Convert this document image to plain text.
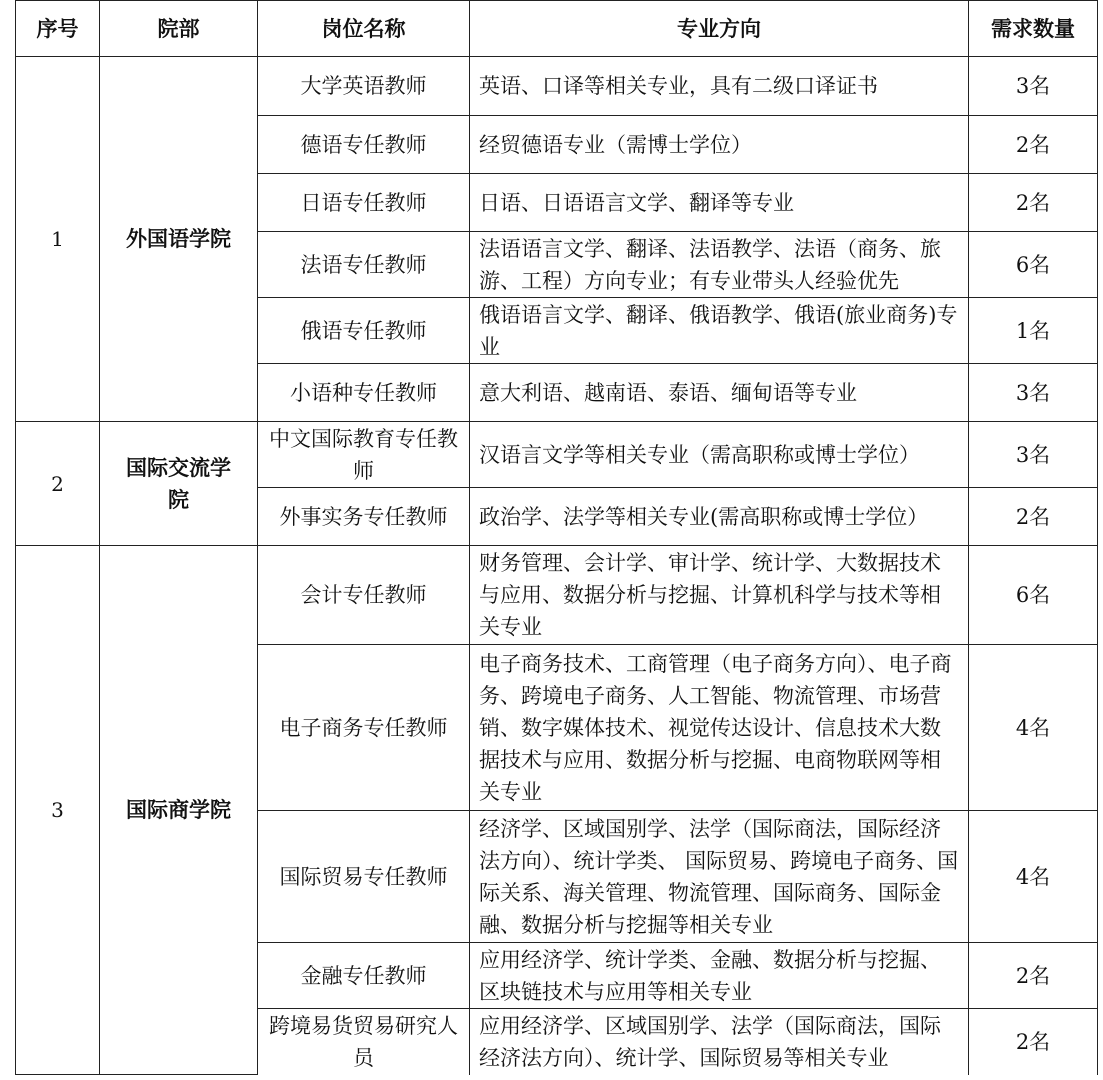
序号	院部	岗位名称	专业方向	需求数量
1	外国语学院	大学英语教师	英语、口译等相关专业，具有二级口译证书	3名
		德语专任教师	经贸德语专业（需博士学位）	2名
		日语专任教师	日语、日语语言文学、翻译等专业	2名
		法语专任教师	法语语言文学、翻译、法语教学、法语（商务、旅游、工程）方向专业；有专业带头人经验优先	6名
		俄语专任教师	俄语语言文学、翻译、俄语教学、俄语(旅业商务)专业	1名
		小语种专任教师	意大利语、越南语、泰语、缅甸语等专业	3名
2	国际交流学院	中文国际教育专任教师	汉语言文学等相关专业（需高职称或博士学位）	3名
		外事实务专任教师	政治学、法学等相关专业(需高职称或博士学位）	2名
3	国际商学院	会计专任教师	财务管理、会计学、审计学、统计学、大数据技术与应用、数据分析与挖掘、计算机科学与技术等相关专业	6名
		电子商务专任教师	电子商务技术、工商管理（电子商务方向）、电子商务、跨境电子商务、人工智能、物流管理、市场营销、数字媒体技术、视觉传达设计、信息技术大数据技术与应用、数据分析与挖掘、电商物联网等相关专业	4名
		国际贸易专任教师	经济学、区域国别学、法学（国际商法，国际经济法方向）、统计学类、 国际贸易、跨境电子商务、国际关系、海关管理、物流管理、国际商务、国际金融、数据分析与挖掘等相关专业	4名
		金融专任教师	应用经济学、统计学类、金融、数据分析与挖掘、区块链技术与应用等相关专业	2名
		跨境易货贸易研究人员	应用经济学、区域国别学、法学（国际商法，国际经济法方向）、统计学、国际贸易等相关专业	2名
